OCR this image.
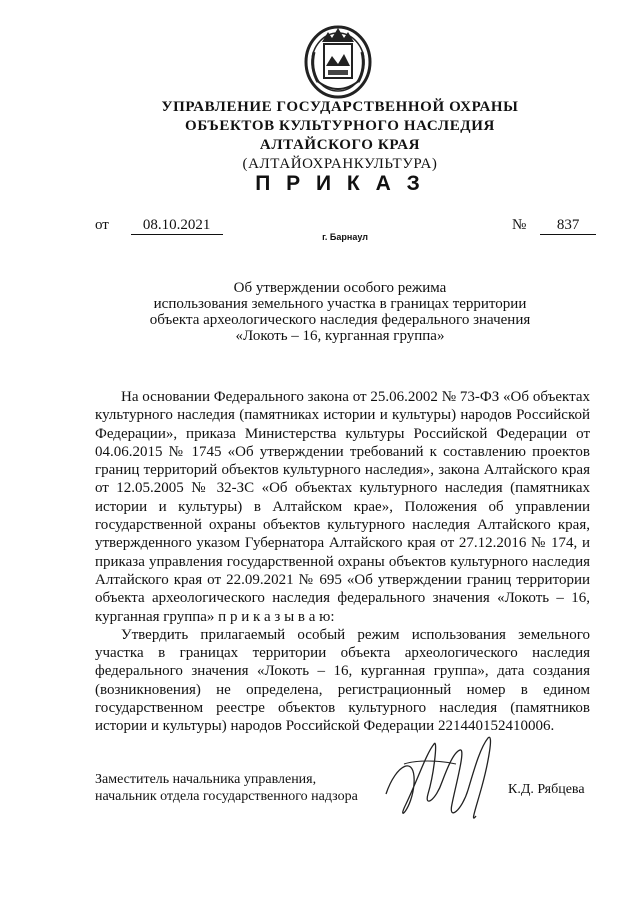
УПРАВЛЕНИЕ ГОСУДАРСТВЕННОЙ ОХРАНЫ
ОБЪЕКТОВ КУЛЬТУРНОГО НАСЛЕДИЯ
АЛТАЙСКОГО КРАЯ
(АЛТАЙОХРАНКУЛЬТУРА)
П Р И К А З
от 08.10.2021	№ 837
г. Барнаул
Об утверждении особого режима
использования земельного участка в границах территории
объекта археологического наследия федерального значения
«Локоть – 16, курганная группа»

На основании Федерального закона от 25.06.2002 № 73-ФЗ «Об объектах культурного наследия (памятниках истории и культуры) народов Российской Федерации», приказа Министерства культуры Российской Федерации от 04.06.2015 № 1745 «Об утверждении требований к составлению проектов границ территорий объектов культурного наследия», закона Алтайского края от 12.05.2005 № 32-ЗС «Об объектах культурного наследия (памятниках истории и культуры) в Алтайском крае», Положения об управлении государственной охраны объектов культурного наследия Алтайского края, утвержденного указом Губернатора Алтайского края от 27.12.2016 № 174, и приказа управления государственной охраны объектов культурного наследия Алтайского края от 22.09.2021 № 695 «Об утверждении границ территории объекта археологического наследия федерального значения «Локоть – 16, курганная группа» п р и к а з ы в а ю:

Утвердить прилагаемый особый режим использования земельного участка в границах территории объекта археологического наследия федерального значения «Локоть – 16, курганная группа», дата создания (возникновения) не определена, регистрационный номер в едином государственном реестре объектов культурного наследия (памятников истории и культуры) народов Российской Федерации 221440152410006.

Заместитель начальника управления,
начальник отдела государственного надзора	К.Д. Рябцева
